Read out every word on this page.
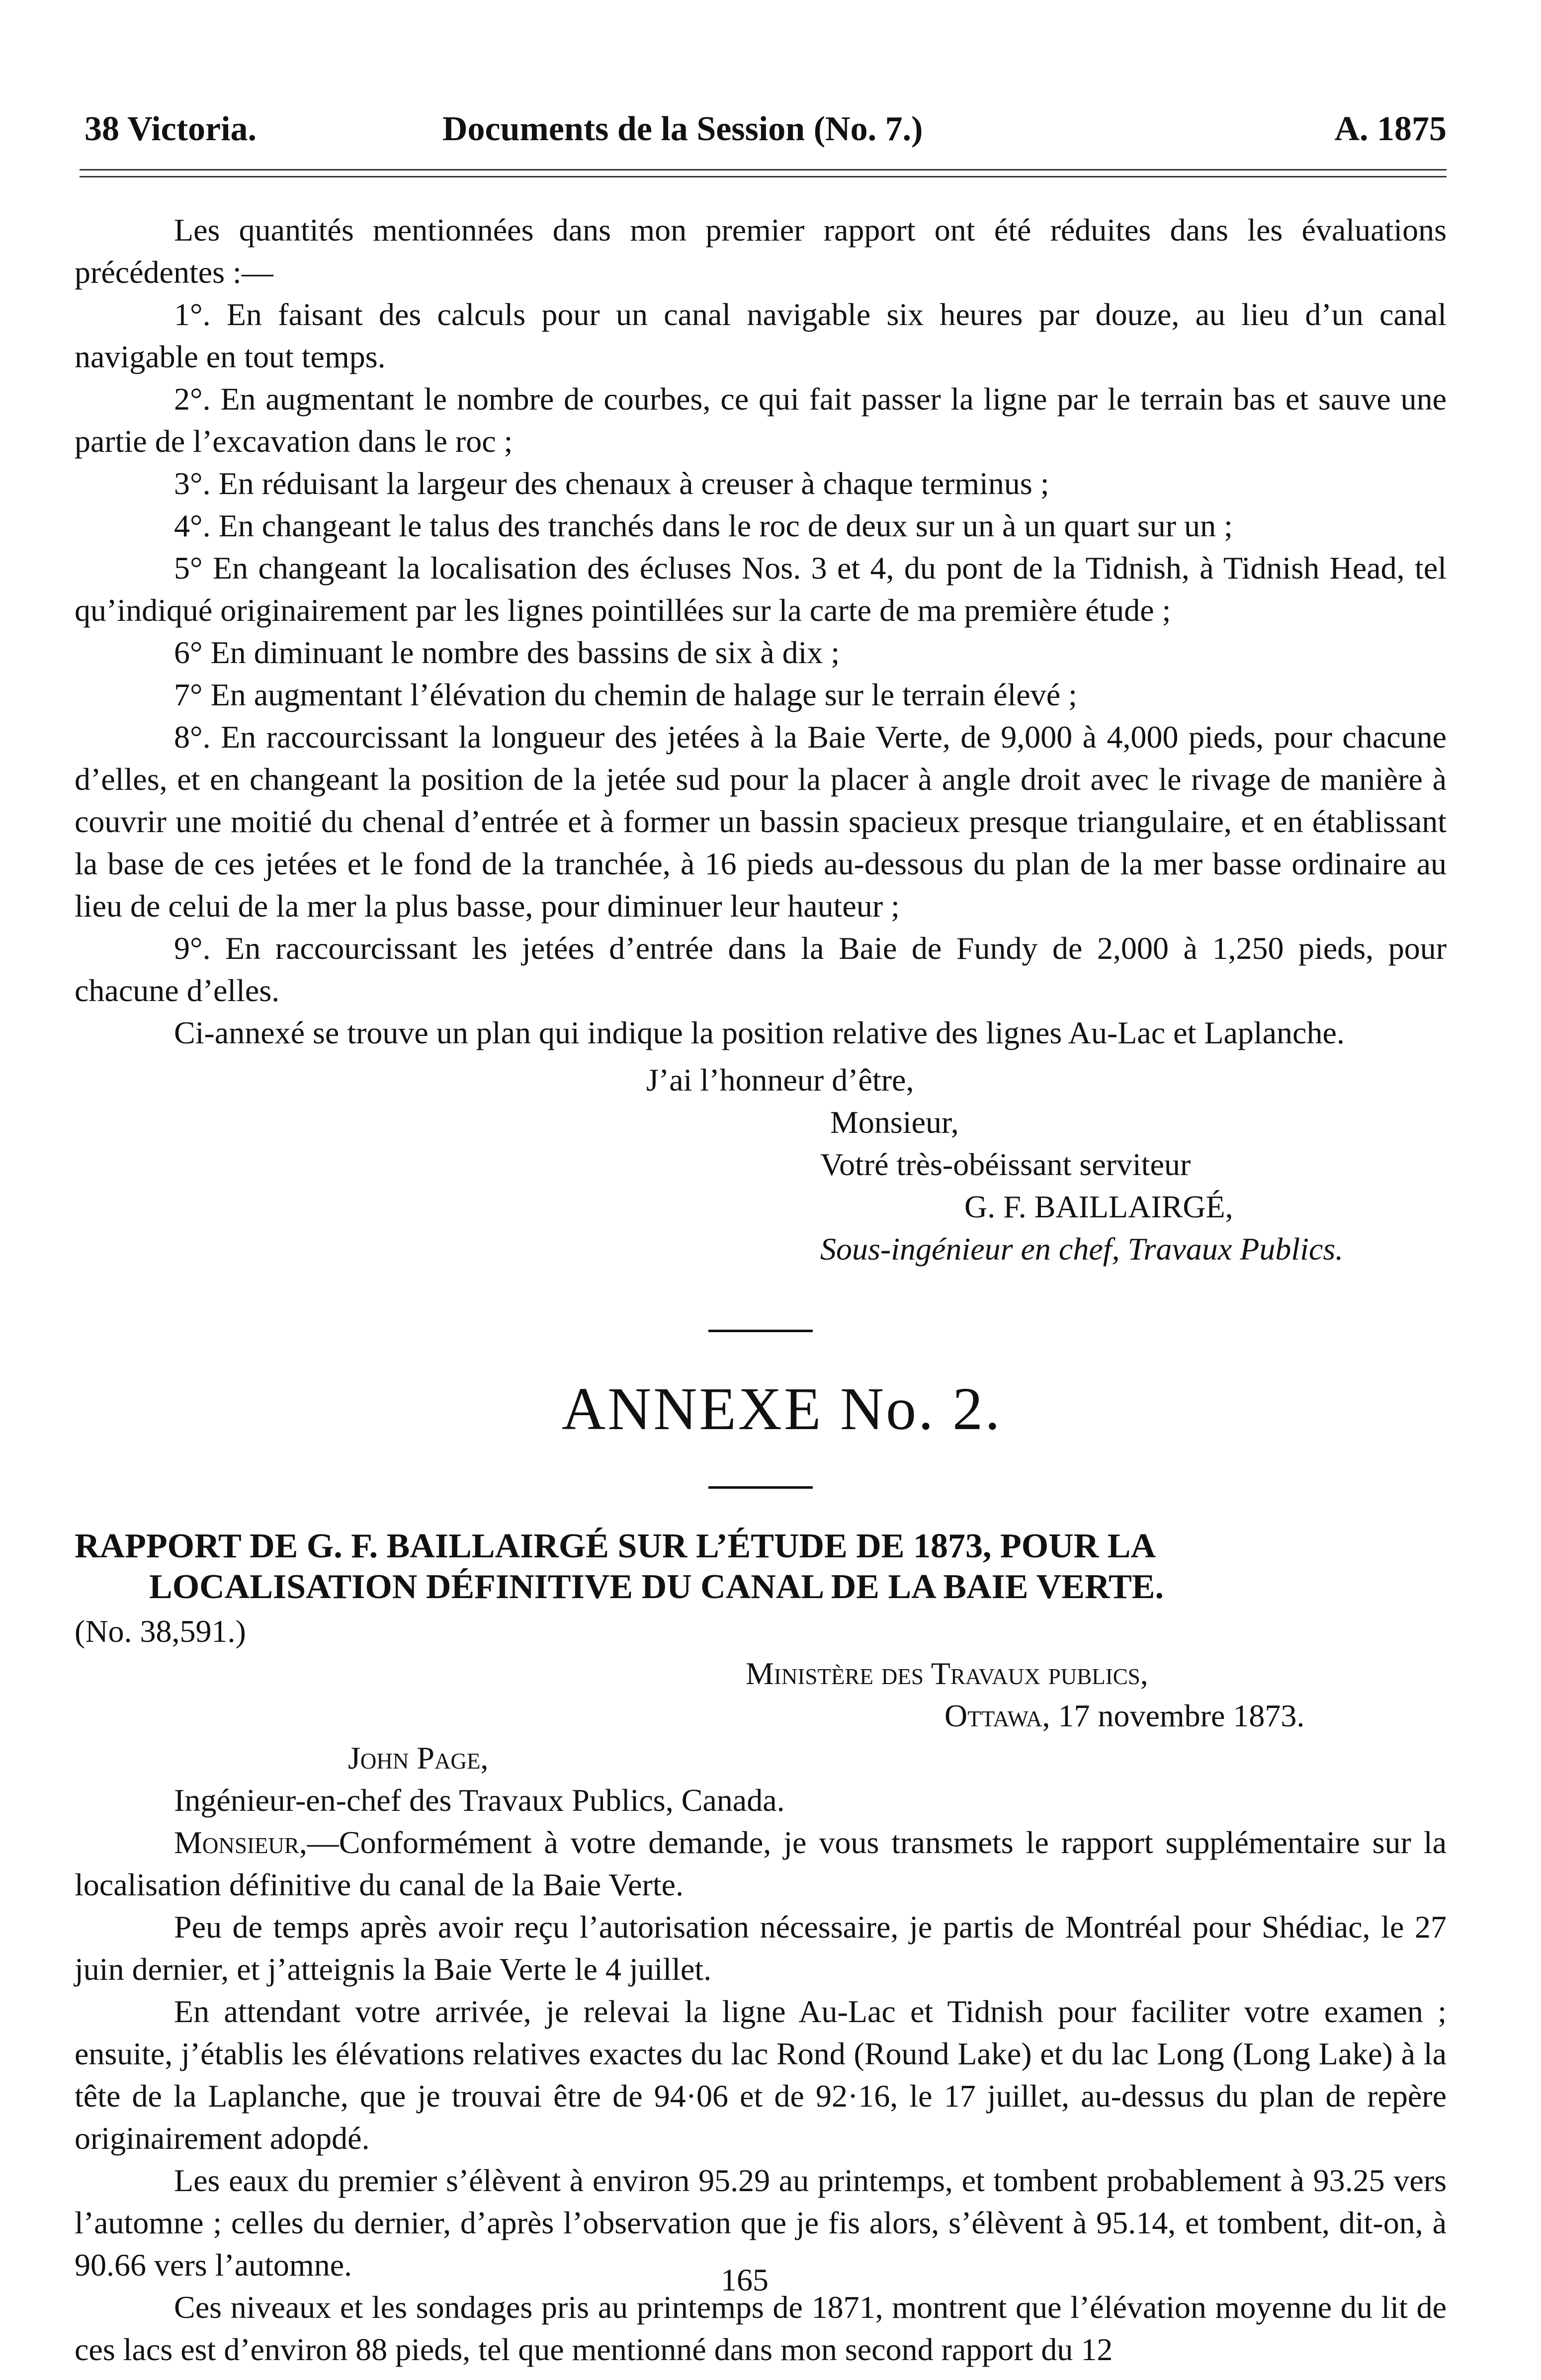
38 Victoria.	Documents de la Session (No. 7.)	A. 1875

Les quantités mentionnées dans mon premier rapport ont été réduites dans les évaluations précédentes :—

1°. En faisant des calculs pour un canal navigable six heures par douze, au lieu d’un canal navigable en tout temps.

2°. En augmentant le nombre de courbes, ce qui fait passer la ligne par le terrain bas et sauve une partie de l’excavation dans le roc ;

3°. En réduisant la largeur des chenaux à creuser à chaque terminus ;

4°. En changeant le talus des tranchés dans le roc de deux sur un à un quart sur un ;

5° En changeant la localisation des écluses Nos. 3 et 4, du pont de la Tidnish, à Tidnish Head, tel qu’indiqué originairement par les lignes pointillées sur la carte de ma première étude ;

6° En diminuant le nombre des bassins de six à dix ;

7° En augmentant l’élévation du chemin de halage sur le terrain élevé ;

8°. En raccourcissant la longueur des jetées à la Baie Verte, de 9,000 à 4,000 pieds, pour chacune d’elles, et en changeant la position de la jetée sud pour la placer à angle droit avec le rivage de manière à couvrir une moitié du chenal d’entrée et à former un bassin spacieux presque triangulaire, et en établissant la base de ces jetées et le fond de la tranchée, à 16 pieds au-dessous du plan de la mer basse ordinaire au lieu de celui de la mer la plus basse, pour diminuer leur hauteur ;

9°. En raccourcissant les jetées d’entrée dans la Baie de Fundy de 2,000 à 1,250 pieds, pour chacune d’elles.

Ci-annexé se trouve un plan qui indique la position relative des lignes Au-Lac et Laplanche.

J’ai l’honneur d’être,
Monsieur,
Votré très-obéissant serviteur
G. F. BAILLAIRGÉ,
Sous-ingénieur en chef, Travaux Publics.
ANNEXE No. 2.
RAPPORT DE G. F. BAILLAIRGÉ SUR L’ÉTUDE DE 1873, POUR LA
LOCALISATION DÉFINITIVE DU CANAL DE LA BAIE VERTE.
(No. 38,591.)
Ministère des Travaux publics,
Ottawa, 17 novembre 1873.
John Page,
Ingénieur-en-chef des Travaux Publics, Canada.

Monsieur,—Conformément à votre demande, je vous transmets le rapport supplémentaire sur la localisation définitive du canal de la Baie Verte.

Peu de temps après avoir reçu l’autorisation nécessaire, je partis de Montréal pour Shédiac, le 27 juin dernier, et j’atteignis la Baie Verte le 4 juillet.

En attendant votre arrivée, je relevai la ligne Au-Lac et Tidnish pour faciliter votre examen ; ensuite, j’établis les élévations relatives exactes du lac Rond (Round Lake) et du lac Long (Long Lake) à la tête de la Laplanche, que je trouvai être de 94·06 et de 92·16, le 17 juillet, au-dessus du plan de repère originairement adopdé.

Les eaux du premier s’élèvent à environ 95.29 au printemps, et tombent probablement à 93.25 vers l’automne ; celles du dernier, d’après l’observation que je fis alors, s’élèvent à 95.14, et tombent, dit-on, à 90.66 vers l’automne.

Ces niveaux et les sondages pris au printemps de 1871, montrent que l’élévation moyenne du lit de ces lacs est d’environ 88 pieds, tel que mentionné dans mon second rapport du 12

165
